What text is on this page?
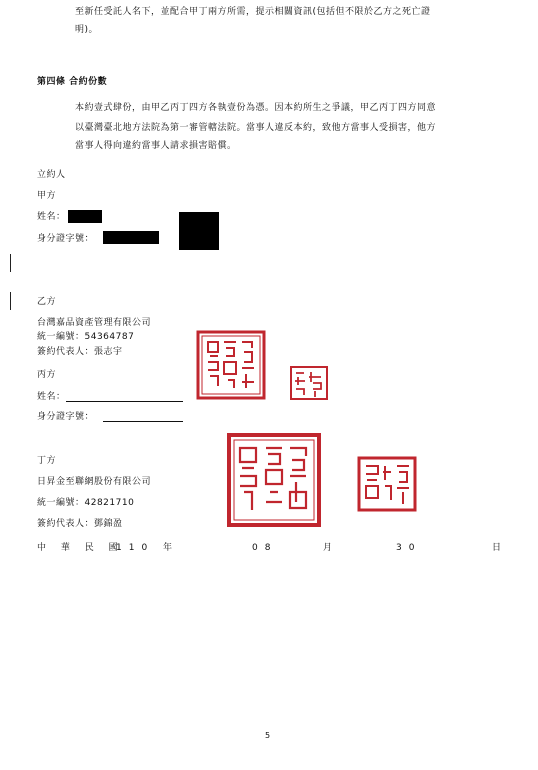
至新任受託人名下，並配合甲丁兩方所需，提示相關資訊(包括但不限於乙方之死亡證
明)。
第四條 合約份數
本約壹式肆份，由甲乙丙丁四方各執壹份為憑。因本約所生之爭議，甲乙丙丁四方同意
以臺灣臺北地方法院為第一審管轄法院。當事人違反本約，致他方當事人受損害，他方
當事人得向違約當事人請求損害賠償。
立約人
甲方
姓名：
身分證字號：
乙方
台灣嘉品資產管理有限公司
統一編號：54364787
簽約代表人：張志宇
丙方
姓名：
身分證字號：
丁方
日昇金至聯網股份有限公司
統一編號：42821710
簽約代表人：鄧錦盈
中 華 民 國
110 年	08	月	30	日
5
